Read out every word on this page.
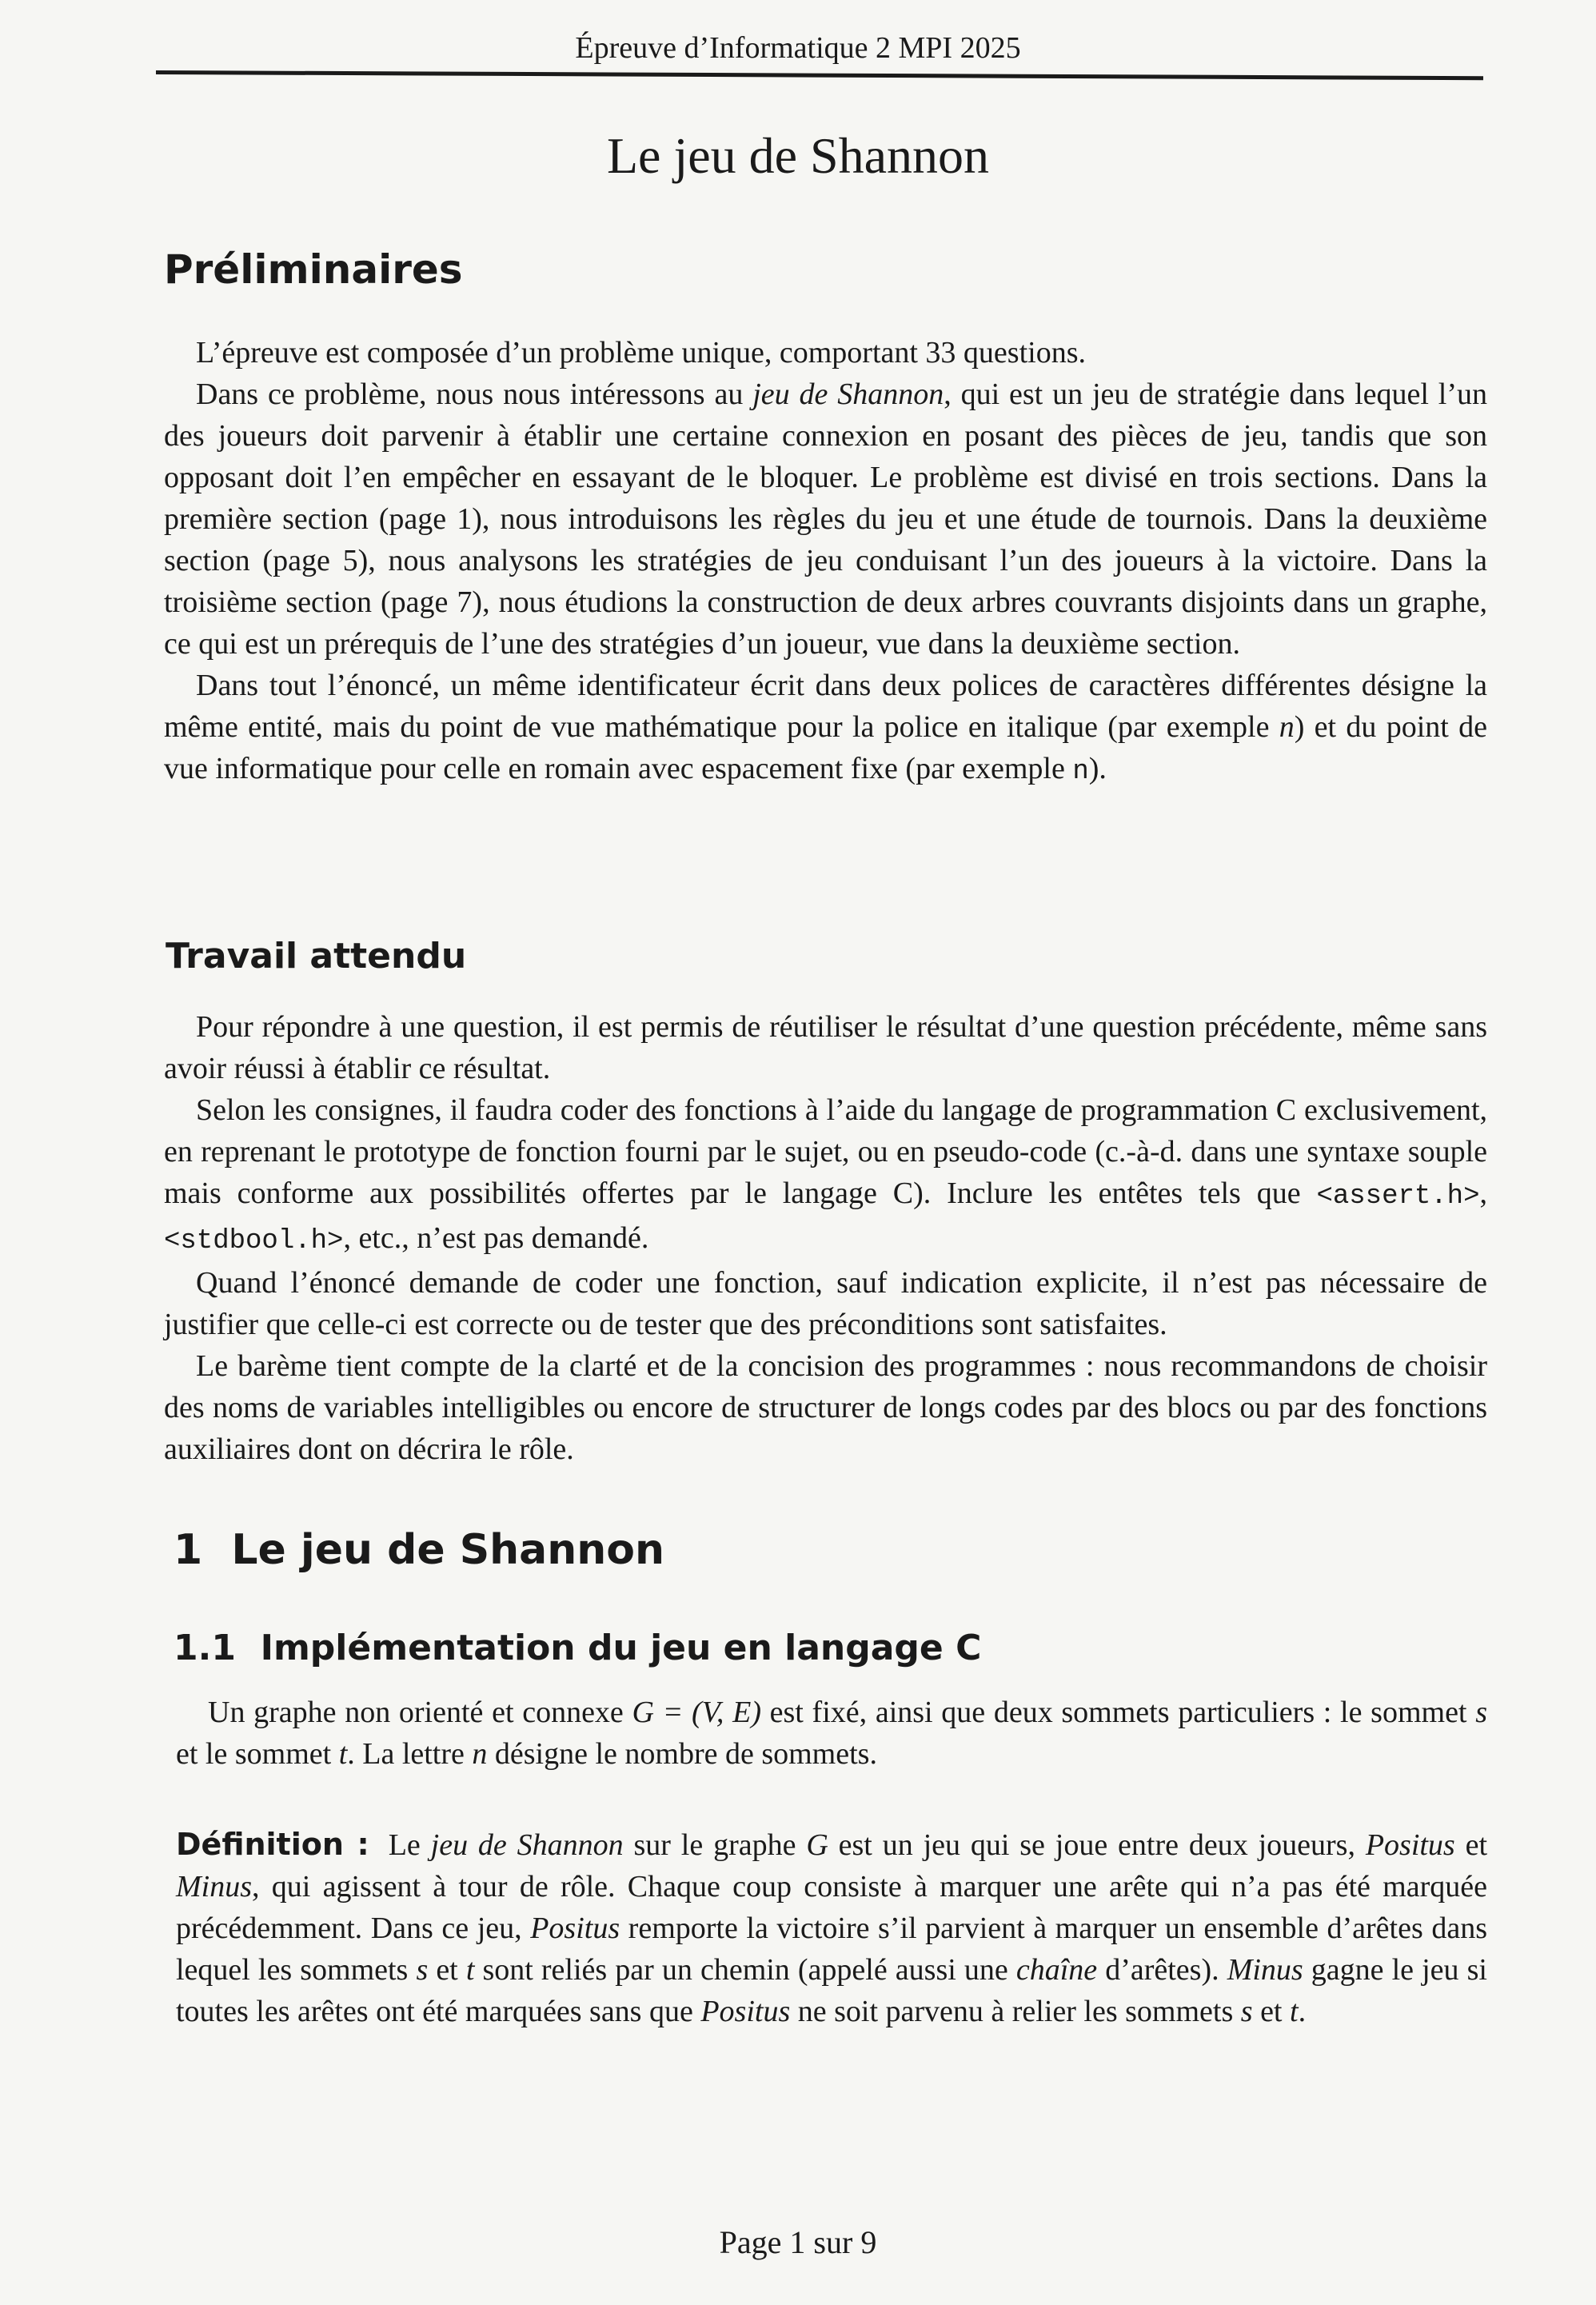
Épreuve d’Informatique 2 MPI 2025
Le jeu de Shannon
Préliminaires

L’épreuve est composée d’un problème unique, comportant 33 questions.

Dans ce problème, nous nous intéressons au jeu de Shannon, qui est un jeu de stratégie dans lequel l’un des joueurs doit parvenir à établir une certaine connexion en posant des pièces de jeu, tandis que son opposant doit l’en empêcher en essayant de le bloquer. Le problème est divisé en trois sections. Dans la première section (page 1), nous introduisons les règles du jeu et une étude de tournois. Dans la deuxième section (page 5), nous analysons les stratégies de jeu conduisant l’un des joueurs à la victoire. Dans la troisième section (page 7), nous étudions la construction de deux arbres couvrants disjoints dans un graphe, ce qui est un prérequis de l’une des stratégies d’un joueur, vue dans la deuxième section.

Dans tout l’énoncé, un même identificateur écrit dans deux polices de caractères différentes désigne la même entité, mais du point de vue mathématique pour la police en italique (par exemple n) et du point de vue informatique pour celle en romain avec espacement fixe (par exemple n).

Travail attendu

Pour répondre à une question, il est permis de réutiliser le résultat d’une question précédente, même sans avoir réussi à établir ce résultat.

Selon les consignes, il faudra coder des fonctions à l’aide du langage de programmation C exclusivement, en reprenant le prototype de fonction fourni par le sujet, ou en pseudo-code (c.-à-d. dans une syntaxe souple mais conforme aux possibilités offertes par le langage C). Inclure les entêtes tels que <assert.h>, <stdbool.h>, etc., n’est pas demandé.

Quand l’énoncé demande de coder une fonction, sauf indication explicite, il n’est pas nécessaire de justifier que celle-ci est correcte ou de tester que des préconditions sont satisfaites.

Le barème tient compte de la clarté et de la concision des programmes : nous recommandons de choisir des noms de variables intelligibles ou encore de structurer de longs codes par des blocs ou par des fonctions auxiliaires dont on décrira le rôle.

1  Le jeu de Shannon
1.1  Implémentation du jeu en langage C

Un graphe non orienté et connexe G = (V, E) est fixé, ainsi que deux sommets particuliers : le sommet s et le sommet t. La lettre n désigne le nombre de sommets.

Définition : Le jeu de Shannon sur le graphe G est un jeu qui se joue entre deux joueurs, Positus et Minus, qui agissent à tour de rôle. Chaque coup consiste à marquer une arête qui n’a pas été marquée précédemment. Dans ce jeu, Positus remporte la victoire s’il parvient à marquer un ensemble d’arêtes dans lequel les sommets s et t sont reliés par un chemin (appelé aussi une chaîne d’arêtes). Minus gagne le jeu si toutes les arêtes ont été marquées sans que Positus ne soit parvenu à relier les sommets s et t.

Page 1 sur 9
